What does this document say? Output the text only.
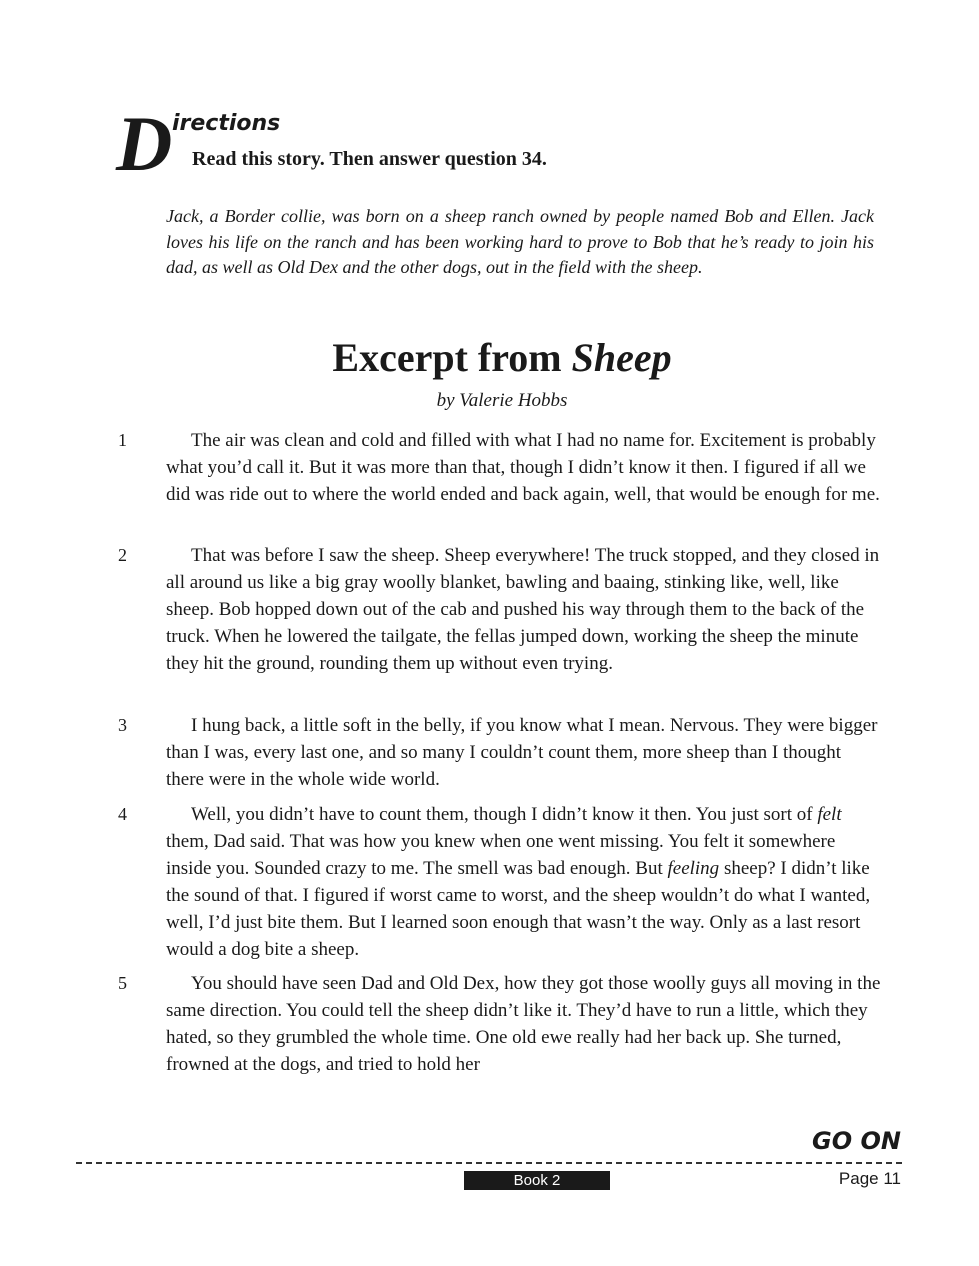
D irections
Read this story. Then answer question 34.

Jack, a Border collie, was born on a sheep ranch owned by people named Bob and Ellen. Jack loves his life on the ranch and has been working hard to prove to Bob that he’s ready to join his dad, as well as Old Dex and the other dogs, out in the field with the sheep.

Excerpt from Sheep
by Valerie Hobbs
1	The air was clean and cold and filled with what I had no name for. Excitement is probably what you’d call it. But it was more than that, though I didn’t know it then. I figured if all we did was ride out to where the world ended and back again, well, that would be enough for me.

2	That was before I saw the sheep. Sheep everywhere! The truck stopped, and they closed in all around us like a big gray woolly blanket, bawling and baaing, stinking like, well, like sheep. Bob hopped down out of the cab and pushed his way through them to the back of the truck. When he lowered the tailgate, the fellas jumped down, working the sheep the minute they hit the ground, rounding them up without even trying.

3	I hung back, a little soft in the belly, if you know what I mean. Nervous. They were bigger than I was, every last one, and so many I couldn’t count them, more sheep than I thought there were in the whole wide world.

4	Well, you didn’t have to count them, though I didn’t know it then. You just sort of felt them, Dad said. That was how you knew when one went missing. You felt it somewhere inside you. Sounded crazy to me. The smell was bad enough. But feeling sheep? I didn’t like the sound of that. I figured if worst came to worst, and the sheep wouldn’t do what I wanted, well, I’d just bite them. But I learned soon enough that wasn’t the way. Only as a last resort would a dog bite a sheep.

5	You should have seen Dad and Old Dex, how they got those woolly guys all moving in the same direction. You could tell the sheep didn’t like it. They’d have to run a little, which they hated, so they grumbled the whole time. One old ewe really had her back up. She turned, frowned at the dogs, and tried to hold her

GO ON
Book 2	Page 11
